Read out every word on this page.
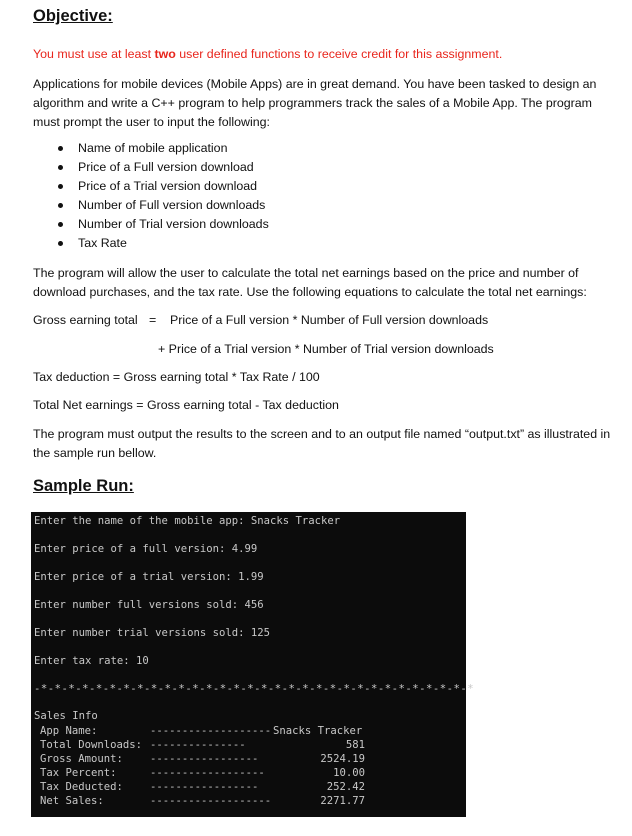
Objective:
You must use at least two user defined functions to receive credit for this assignment.
Applications for mobile devices (Mobile Apps) are in great demand. You have been tasked to design an algorithm and write a C++ program to help programmers track the sales of a Mobile App. The program must prompt the user to input the following:
Name of mobile application
Price of a Full version download
Price of a Trial version download
Number of Full version downloads
Number of Trial version downloads
Tax Rate
The program will allow the user to calculate the total net earnings based on the price and number of download purchases, and the tax rate. Use the following equations to calculate the total net earnings:
Gross earning total = Price of a Full version * Number of Full version downloads
+ Price of a Trial version * Number of Trial version downloads
Tax deduction = Gross earning total * Tax Rate / 100
Total Net earnings = Gross earning total - Tax deduction
The program must output the results to the screen and to an output file named “output.txt” as illustrated in the sample run bellow.
Sample Run:
Enter the name of the mobile app: Snacks Tracker
Enter price of a full version: 4.99
Enter price of a trial version: 1.99
Enter number full versions sold: 456
Enter number trial versions sold: 125
Enter tax rate: 10
-*-*-*-*-*-*-*-*-*-*-*-*-*-*-*-*-*-*-*-*-*-*-*-*-*-*-*-*-*-*-*-*
Sales Info
App Name:	------------------- Snacks Tracker
Total Downloads: ---------------	581
Gross Amount:	-----------------	2524.19
Tax Percent:	------------------	10.00
Tax Deducted:	-----------------	252.42
Net Sales:	-------------------	2271.77
